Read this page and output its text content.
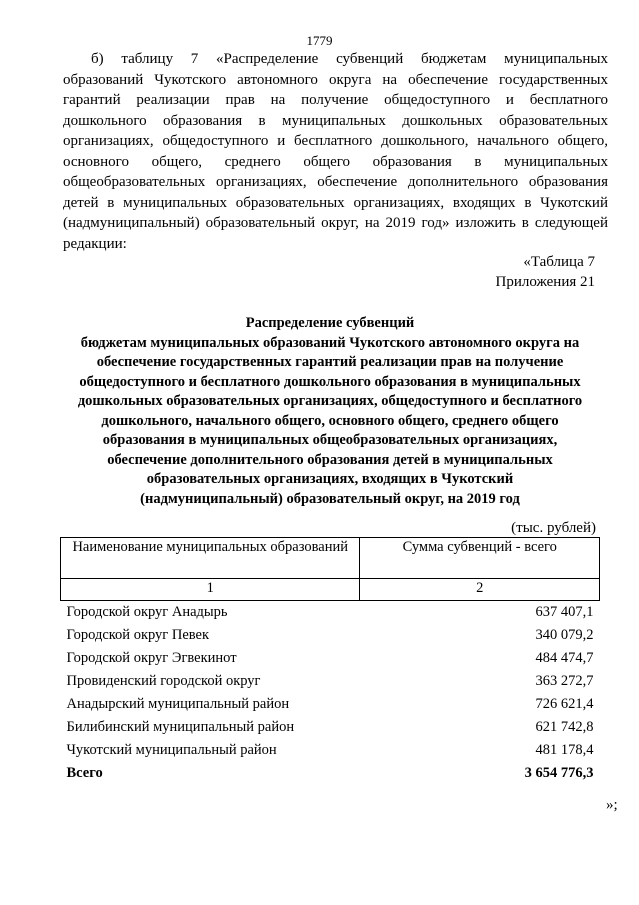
1779

б) таблицу 7 «Распределение субвенций бюджетам муниципальных образований Чукотского автономного округа на обеспечение государственных гарантий реализации прав на получение общедоступного и бесплатного дошкольного образования в муниципальных дошкольных образовательных организациях, общедоступного и бесплатного дошкольного, начального общего, основного общего, среднего общего образования в муниципальных общеобразовательных организациях, обеспечение дополнительного образования детей в муниципальных образовательных организациях, входящих в Чукотский (надмуниципальный) образовательный округ, на 2019 год» изложить в следующей редакции:

«Таблица 7
Приложения 21
Распределение субвенций
бюджетам муниципальных образований Чукотского автономного округа на
обеспечение государственных гарантий реализации прав на получение
общедоступного и бесплатного дошкольного образования в муниципальных
дошкольных образовательных организациях, общедоступного и бесплатного
дошкольного, начального общего, основного общего, среднего общего
образования в муниципальных общеобразовательных организациях,
обеспечение дополнительного образования детей в муниципальных
образовательных организациях, входящих в Чукотский
(надмуниципальный) образовательный округ, на 2019 год
(тыс. рублей)
Наименование муниципальных образований	Сумма субвенций - всего
1	2
Городской округ Анадырь	637 407,1
Городской округ Певек	340 079,2
Городской округ Эгвекинот	484 474,7
Провиденский городской округ	363 272,7
Анадырский муниципальный район	726 621,4
Билибинский муниципальный район	621 742,8
Чукотский муниципальный район	481 178,4
Всего	3 654 776,3
»;
